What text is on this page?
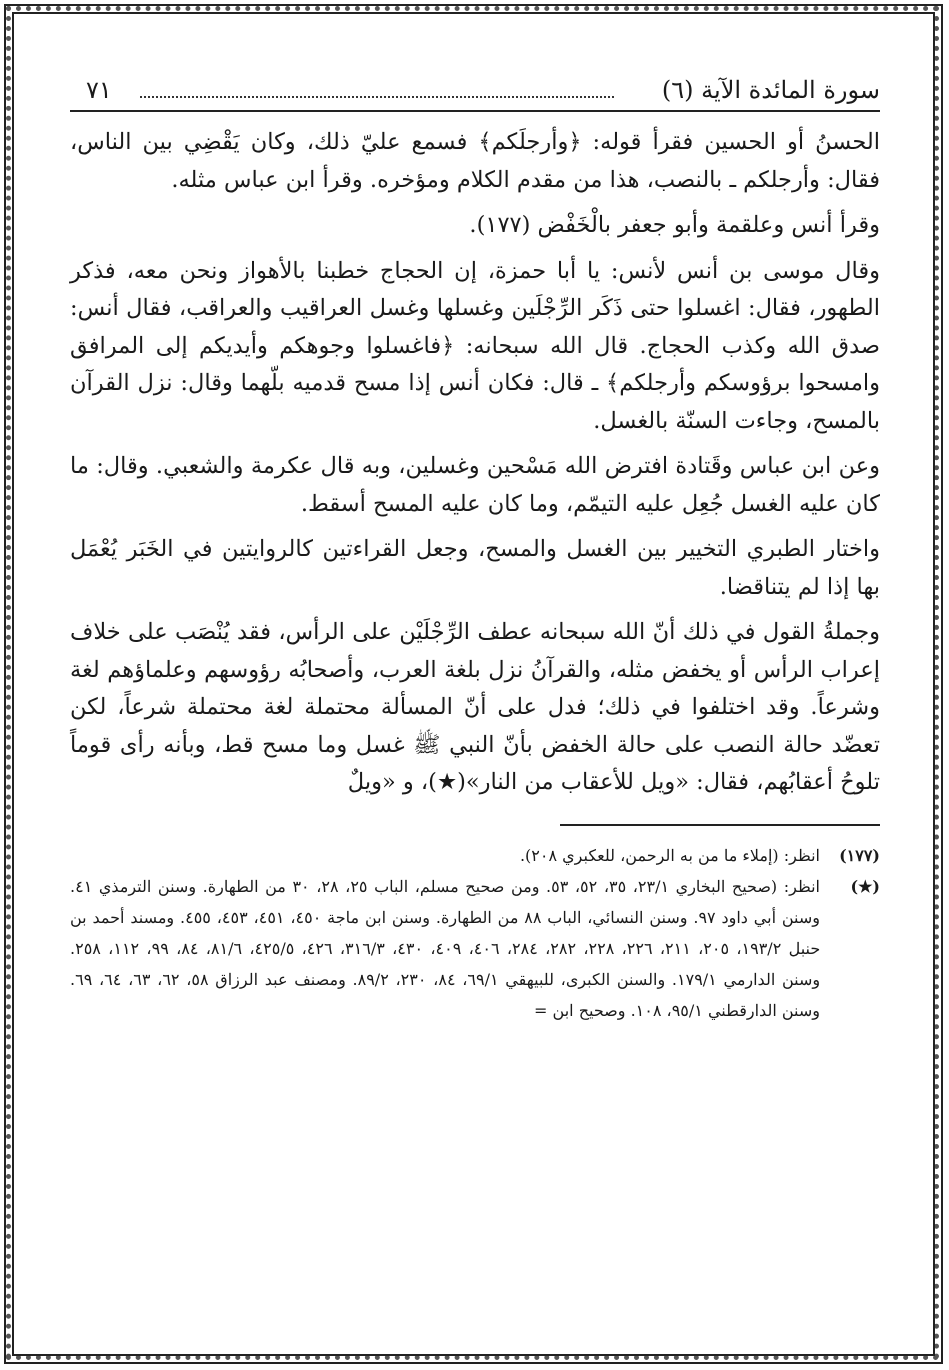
سورة المائدة الآية (٦)
٧١

الحسنُ أو الحسين فقرأ قوله: ﴿وأرجلَكم﴾ فسمع عليّ ذلك، وكان يَقْضِي بين الناس، فقال: وأرجلكم ـ بالنصب، هذا من مقدم الكلام ومؤخره. وقرأ ابن عباس مثله.

وقرأ أنس وعلقمة وأبو جعفر بالْخَفْض (١٧٧).

وقال موسى بن أنس لأنس: يا أبا حمزة، إن الحجاج خطبنا بالأهواز ونحن معه، فذكر الطهور، فقال: اغسلوا حتى ذَكَر الرِّجْلَين وغسلها وغسل العراقيب والعراقب، فقال أنس: صدق الله وكذب الحجاج. قال الله سبحانه: ﴿فاغسلوا وجوهكم وأيديكم إلى المرافق وامسحوا برؤوسكم وأرجلكم﴾ ـ قال: فكان أنس إذا مسح قدميه بلّهما وقال: نزل القرآن بالمسح، وجاءت السنّة بالغسل.

وعن ابن عباس وقَتادة افترض الله مَسْحين وغسلين، وبه قال عكرمة والشعبي. وقال: ما كان عليه الغسل جُعِل عليه التيمّم، وما كان عليه المسح أسقط.

واختار الطبري التخيير بين الغسل والمسح، وجعل القراءتين كالروايتين في الخَبَر يُعْمَل بها إذا لم يتناقضا.

وجملةُ القول في ذلك أنّ الله سبحانه عطف الرِّجْلَيْن على الرأس، فقد يُنْصَب على خلاف إعراب الرأس أو يخفض مثله، والقرآنُ نزل بلغة العرب، وأصحابُه رؤوسهم وعلماؤهم لغة وشرعاً. وقد اختلفوا في ذلك؛ فدل على أنّ المسألة محتملة لغة محتملة شرعاً، لكن تعضّد حالة النصب على حالة الخفض بأنّ النبي ﷺ غسل وما مسح قط، وبأنه رأى قوماً تلوحُ أعقابُهم، فقال: «ويل للأعقاب من النار»(★)، و «ويلٌ

(١٧٧)
انظر: (إملاء ما من به الرحمن، للعكبري ٢٠٨).
(★)
انظر: (صحيح البخاري ٢٣/١، ٣٥، ٥٢، ٥٣. ومن صحيح مسلم، الباب ٢٥، ٢٨، ٣٠ من الطهارة. وسنن الترمذي ٤١. وسنن أبي داود ٩٧. وسنن النسائي، الباب ٨٨ من الطهارة. وسنن ابن ماجة ٤٥٠، ٤٥١، ٤٥٣، ٤٥٥. ومسند أحمد بن حنبل ١٩٣/٢، ٢٠٥، ٢١١، ٢٢٦، ٢٢٨، ٢٨٢، ٢٨٤، ٤٠٦، ٤٠٩، ٤٣٠، ٣١٦/٣، ٤٢٦، ٤٢٥/٥، ٨١/٦، ٨٤، ٩٩، ١١٢، ٢٥٨. وسنن الدارمي ١٧٩/١. والسنن الكبرى، للبيهقي ٦٩/١، ٨٤، ٢٣٠، ٨٩/٢. ومصنف عبد الرزاق ٥٨، ٦٢، ٦٣، ٦٤، ٦٩. وسنن الدارقطني ٩٥/١، ١٠٨. وصحيح ابن =
